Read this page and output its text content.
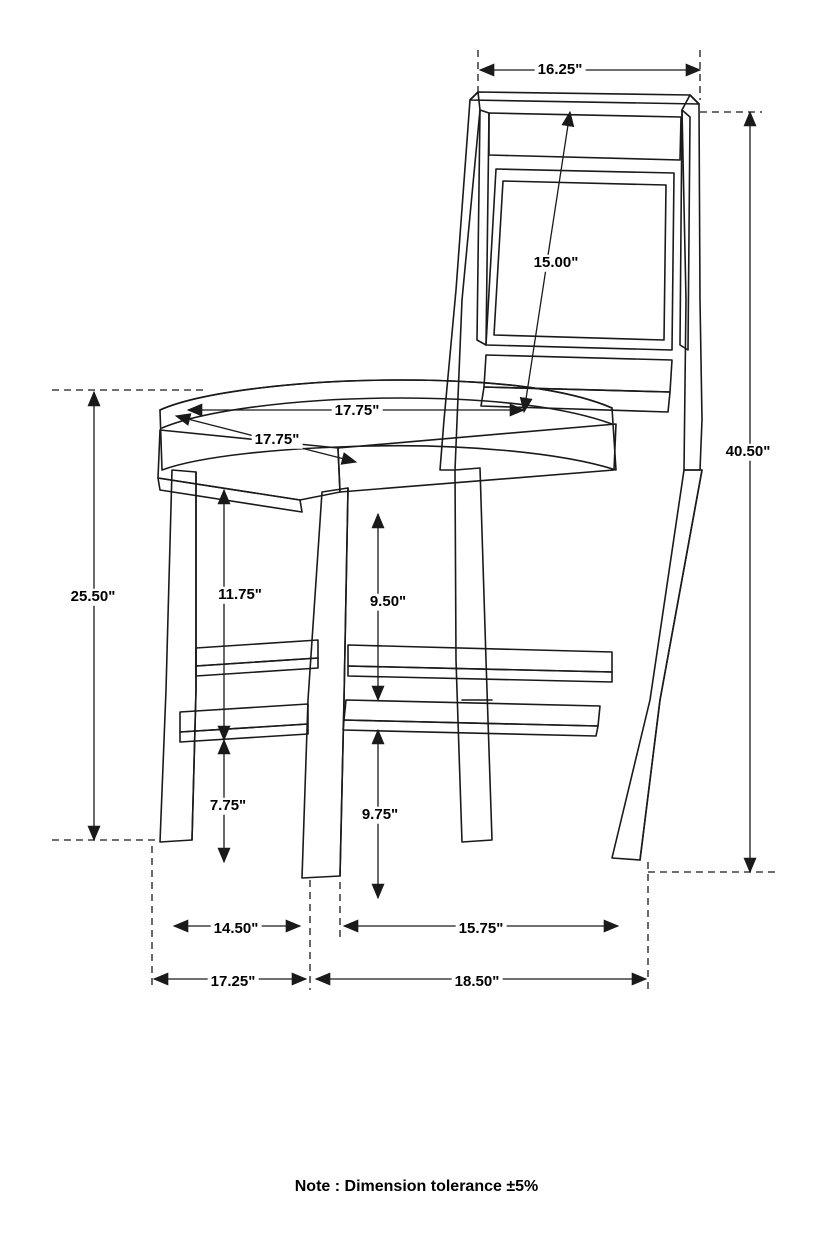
16.25"
15.00"
40.50"
17.75"
17.75"
25.50"	11.75"	9.50"
7.75"
9.75"
14.50"	15.75"
17.25"	18.50"
Note : Dimension tolerance ±5%
